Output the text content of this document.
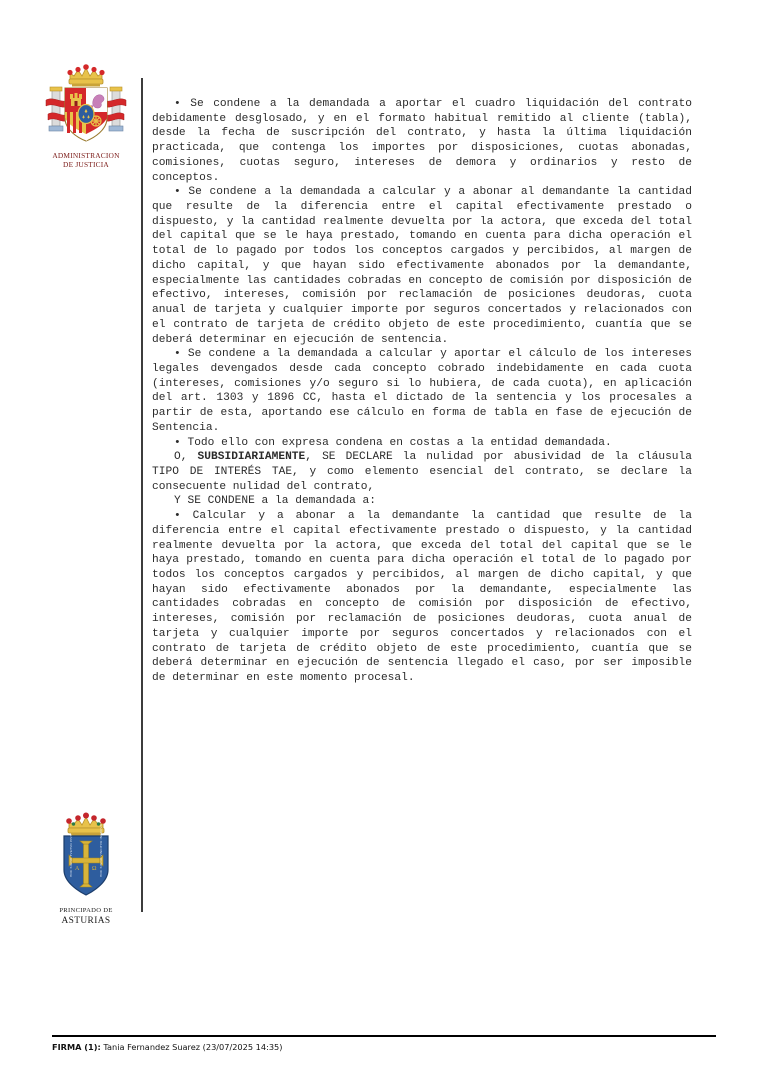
ADMINISTRACION
DE JUSTICIA
A Ω
HOC SIGNO TVETVR PIVS	HOC SIGNO VINCITVR INIMICVS
PRINCIPADO DE
ASTURIAS

• Se condene a la demandada a aportar el cuadro liquidación del contrato debidamente desglosado, y en el formato habitual remitido al cliente (tabla), desde la fecha de suscripción del contrato, y hasta la última liquidación practicada, que contenga los importes por disposiciones, cuotas abonadas, comisiones, cuotas seguro, intereses de demora y ordinarios y resto de conceptos.

• Se condene a la demandada a calcular y a abonar al demandante la cantidad que resulte de la diferencia entre el capital efectivamente prestado o dispuesto, y la cantidad realmente devuelta por la actora, que exceda del total del capital que se le haya prestado, tomando en cuenta para dicha operación el total de lo pagado por todos los conceptos cargados y percibidos, al margen de dicho capital, y que hayan sido efectivamente abonados por la demandante, especialmente las cantidades cobradas en concepto de comisión por disposición de efectivo, intereses, comisión por reclamación de posiciones deudoras, cuota anual de tarjeta y cualquier importe por seguros concertados y relacionados con el contrato de tarjeta de crédito objeto de este procedimiento, cuantía que se deberá determinar en ejecución de sentencia.

• Se condene a la demandada a calcular y aportar el cálculo de los intereses legales devengados desde cada concepto cobrado indebidamente en cada cuota (intereses, comisiones y/o seguro si lo hubiera, de cada cuota), en aplicación del art. 1303 y 1896 CC, hasta el dictado de la sentencia y los procesales a partir de esta, aportando ese cálculo en forma de tabla en fase de ejecución de Sentencia.

• Todo ello con expresa condena en costas a la entidad demandada.

O, SUBSIDIARIAMENTE, SE DECLARE la nulidad por abusividad de la cláusula TIPO DE INTERÉS TAE, y como elemento esencial del contrato, se declare la consecuente nulidad del contrato,

Y SE CONDENE a la demandada a:

• Calcular y a abonar a la demandante la cantidad que resulte de la diferencia entre el capital efectivamente prestado o dispuesto, y la cantidad realmente devuelta por la actora, que exceda del total del capital que se le haya prestado, tomando en cuenta para dicha operación el total de lo pagado por todos los conceptos cargados y percibidos, al margen de dicho capital, y que hayan sido efectivamente abonados por la demandante, especialmente las cantidades cobradas en concepto de comisión por disposición de efectivo, intereses, comisión por reclamación de posiciones deudoras, cuota anual de tarjeta y cualquier importe por seguros concertados y relacionados con el contrato de tarjeta de crédito objeto de este procedimiento, cuantía que se deberá determinar en ejecución de sentencia llegado el caso, por ser imposible de determinar en este momento procesal.

FIRMA (1): Tania Fernandez Suarez (23/07/2025 14:35)
